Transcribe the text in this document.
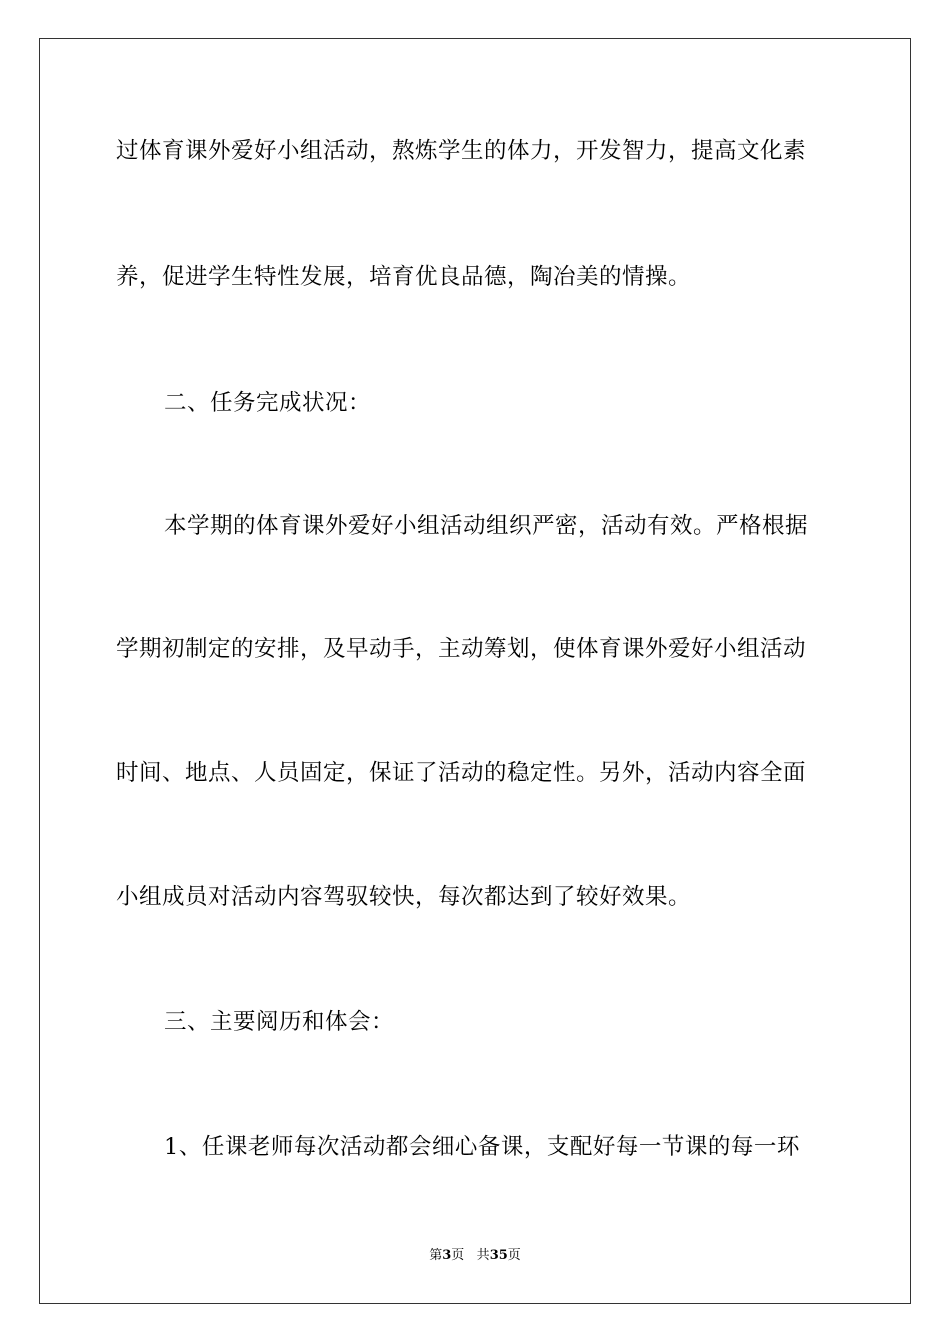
过体育课外爱好小组活动，熬炼学生的体力，开发智力，提高文化素
养，促进学生特性发展，培育优良品德，陶冶美的情操。
二、任务完成状况：
本学期的体育课外爱好小组活动组织严密，活动有效。严格根据
学期初制定的安排，及早动手，主动筹划，使体育课外爱好小组活动
时间、地点、人员固定，保证了活动的稳定性。另外，活动内容全面
小组成员对活动内容驾驭较快，每次都达到了较好效果。
三、主要阅历和体会：
1、任课老师每次活动都会细心备课，支配好每一节课的每一环
第3页 共35页
